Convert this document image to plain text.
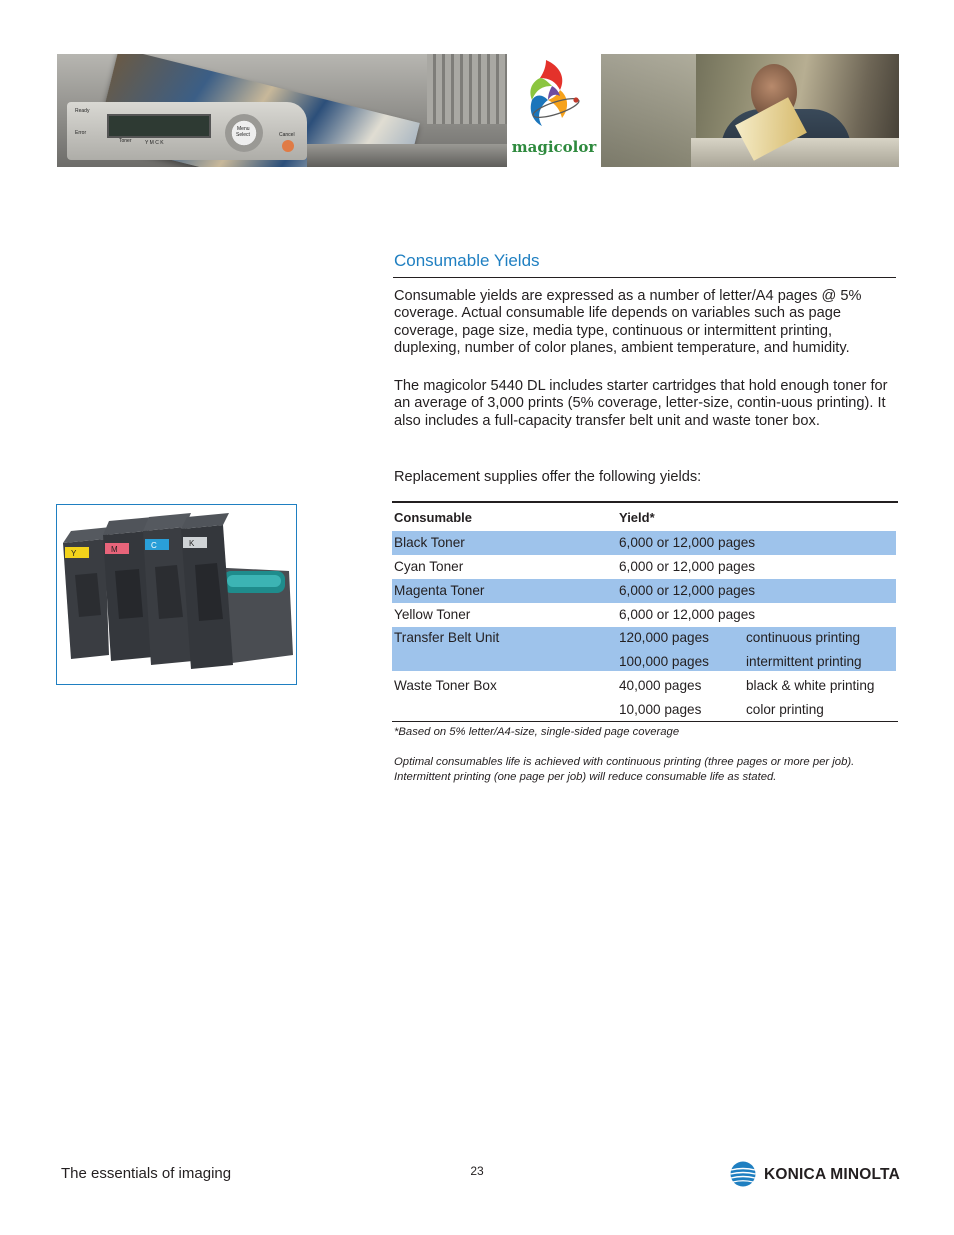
Ready
Error
Toner	Y M C K
Menu
Select	Cancel
magicolor
Consumable Yields

Consumable yields are expressed as a number of letter/A4 pages @ 5% coverage. Actual consumable life depends on variables such as page coverage, page size, media type, continuous or intermittent printing, duplexing, number of color planes, ambient temperature, and humidity.

The magicolor 5440 DL includes starter cartridges that hold enough toner for an average of 3,000 prints (5% coverage, letter-size, contin-uous printing). It also includes a full-capacity transfer belt unit and waste toner box.

Replacement supplies offer the following yields:

Consumable	Yield*
Black Toner	6,000 or 12,000 pages
Cyan Toner	6,000 or 12,000 pages
Magenta Toner	6,000 or 12,000 pages
Yellow Toner	6,000 or 12,000 pages
Transfer Belt Unit	120,000 pages	continuous printing
100,000 pages	intermittent printing
Waste Toner Box	40,000 pages	black & white printing
10,000 pages	color printing

*Based on 5% letter/A4-size, single-sided page coverage

Optimal consumables life is achieved with continuous printing (three pages or more per job). Intermittent printing (one page per job) will reduce consumable life as stated.

Y	M	C	K

The essentials of imaging	23	KONICA MINOLTA
